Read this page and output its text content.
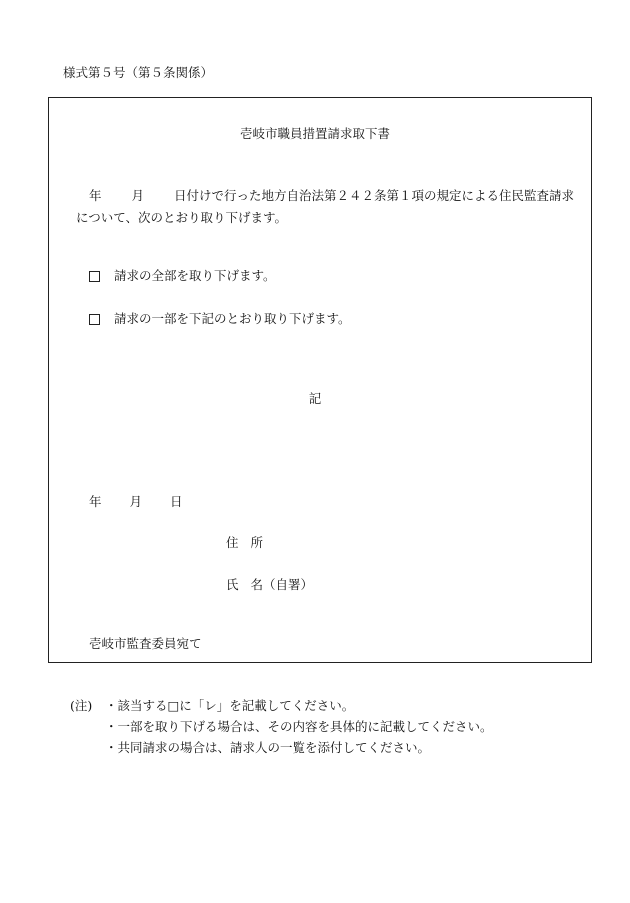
様式第５号（第５条関係）
壱岐市職員措置請求取下書
年 月 日付けで行った地方自治法第２４２条第１項の規定による住民監査請求
について、次のとおり取り下げます。
請求の全部を取り下げます。
請求の一部を下記のとおり取り下げます。
記
年 月 日
住 所
氏 名（自署）
壱岐市監査委員宛て
(注) ・該当する□に「レ」を記載してください。
・一部を取り下げる場合は、その内容を具体的に記載してください。
・共同請求の場合は、請求人の一覧を添付してください。
